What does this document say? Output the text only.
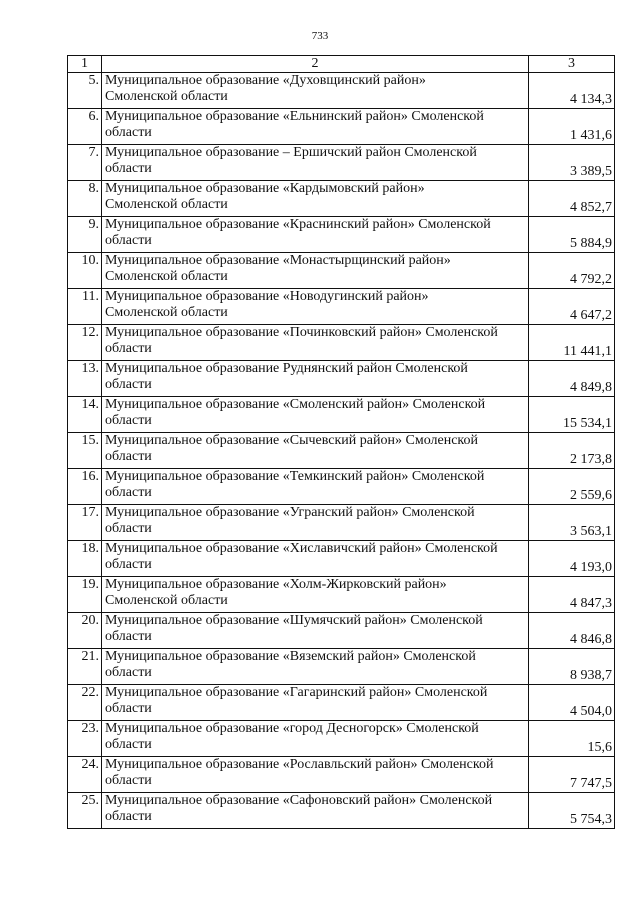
733
1	2	3
5.	Муниципальное образование «Духовщинский район»
Смоленской области	4 134,3
6.	Муниципальное образование «Ельнинский район» Смоленской
области	1 431,6
7.	Муниципальное образование – Ершичский район Смоленской
области	3 389,5
8.	Муниципальное образование «Кардымовский район»
Смоленской области	4 852,7
9.	Муниципальное образование «Краснинский район» Смоленской
области	5 884,9
10.	Муниципальное образование «Монастырщинский район»
Смоленской области	4 792,2
11.	Муниципальное образование «Новодугинский район»
Смоленской области	4 647,2
12.	Муниципальное образование «Починковский район» Смоленской
области	11 441,1
13.	Муниципальное образование Руднянский район Смоленской
области	4 849,8
14.	Муниципальное образование «Смоленский район» Смоленской
области	15 534,1
15.	Муниципальное образование «Сычевский район» Смоленской
области	2 173,8
16.	Муниципальное образование «Темкинский район» Смоленской
области	2 559,6
17.	Муниципальное образование «Угранский район» Смоленской
области	3 563,1
18.	Муниципальное образование «Хиславичский район» Смоленской
области	4 193,0
19.	Муниципальное образование «Холм-Жирковский район»
Смоленской области	4 847,3
20.	Муниципальное образование «Шумячский район» Смоленской
области	4 846,8
21.	Муниципальное образование «Вяземский район» Смоленской
области	8 938,7
22.	Муниципальное образование «Гагаринский район» Смоленской
области	4 504,0
23.	Муниципальное образование «город Десногорск» Смоленской
области	15,6
24.	Муниципальное образование «Рославльский район» Смоленской
области	7 747,5
25.	Муниципальное образование «Сафоновский район» Смоленской
области	5 754,3
